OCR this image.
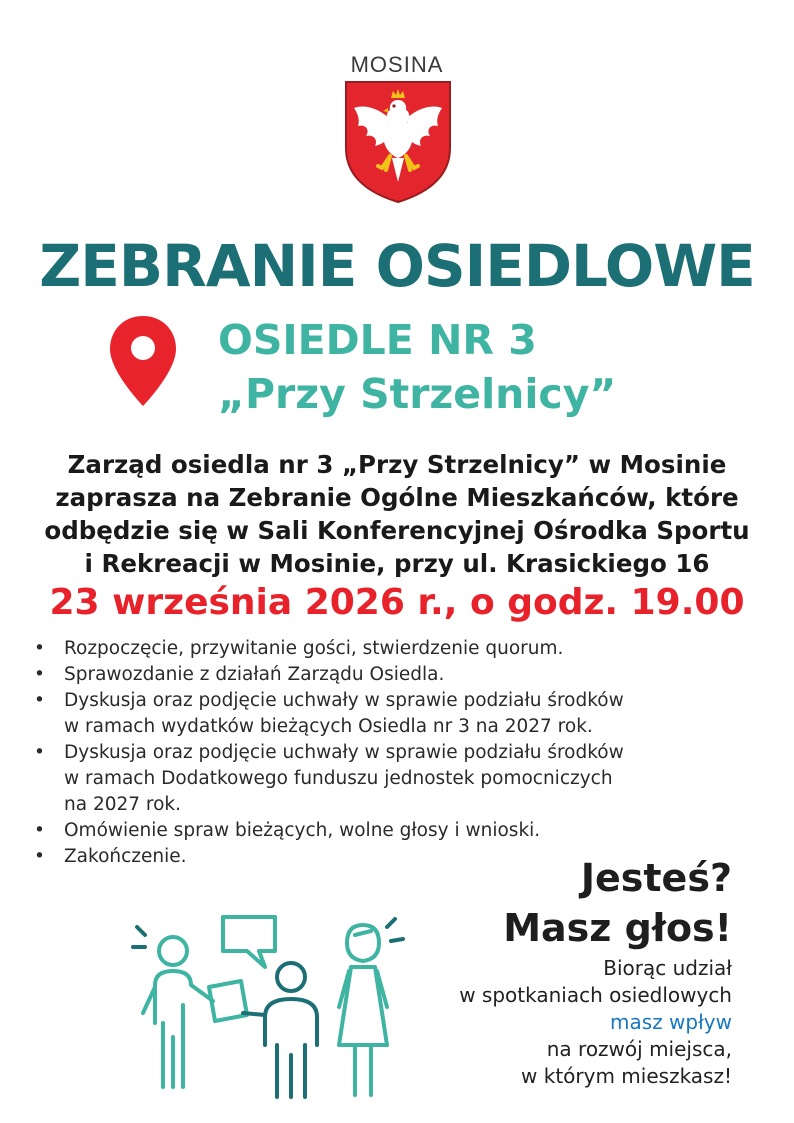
MOSINA
ZEBRANIE OSIEDLOWE
OSIEDLE NR 3
„Przy Strzelnicy”
Zarząd osiedla nr 3 „Przy Strzelnicy” w Mosinie
zaprasza na Zebranie Ogólne Mieszkańców, które
odbędzie się w Sali Konferencyjnej Ośrodka Sportu
i Rekreacji w Mosinie, przy ul. Krasickiego 16
23 września 2026 r., o godz. 19.00
• Rozpoczęcie, przywitanie gości, stwierdzenie quorum.
• Sprawozdanie z działań Zarządu Osiedla.
• Dyskusja oraz podjęcie uchwały w sprawie podziału środków
w ramach wydatków bieżących Osiedla nr 3 na 2027 rok.
• Dyskusja oraz podjęcie uchwały w sprawie podziału środków
w ramach Dodatkowego funduszu jednostek pomocniczych
na 2027 rok.
• Omówienie spraw bieżących, wolne głosy i wnioski.
• Zakończenie.	Jesteś?
Masz głos!
Biorąc udział
w spotkaniach osiedlowych
masz wpływ
na rozwój miejsca,
w którym mieszkasz!
